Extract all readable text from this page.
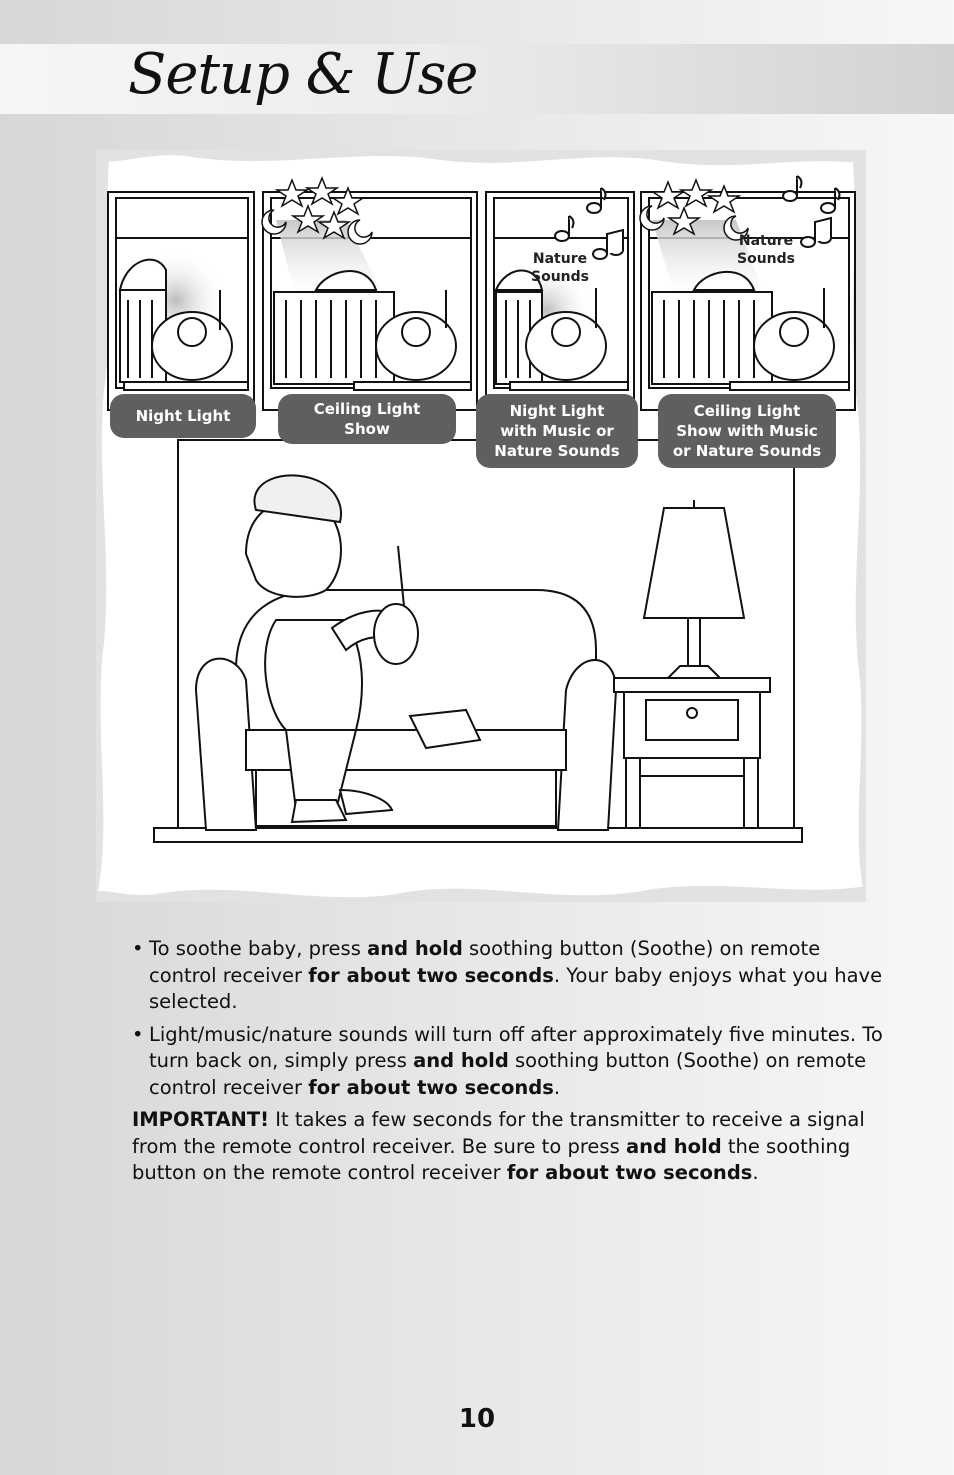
Setup & Use
Nature
Sounds
Nature
Sounds
Night Light	Ceiling Light
Show
Night Light
with Music or
Nature Sounds
Ceiling Light
Show with Music
or Nature Sounds
• To soothe baby, press and hold soothing button (Soothe) on remote control receiver for about two seconds. Your baby enjoys what you have selected.
• Light/music/nature sounds will turn off after approximately five minutes. To turn back on, simply press and hold soothing button (Soothe) on remote control receiver for about two seconds.

IMPORTANT! It takes a few seconds for the transmitter to receive a signal from the remote control receiver. Be sure to press and hold the soothing button on the remote control receiver for about two seconds.

10
